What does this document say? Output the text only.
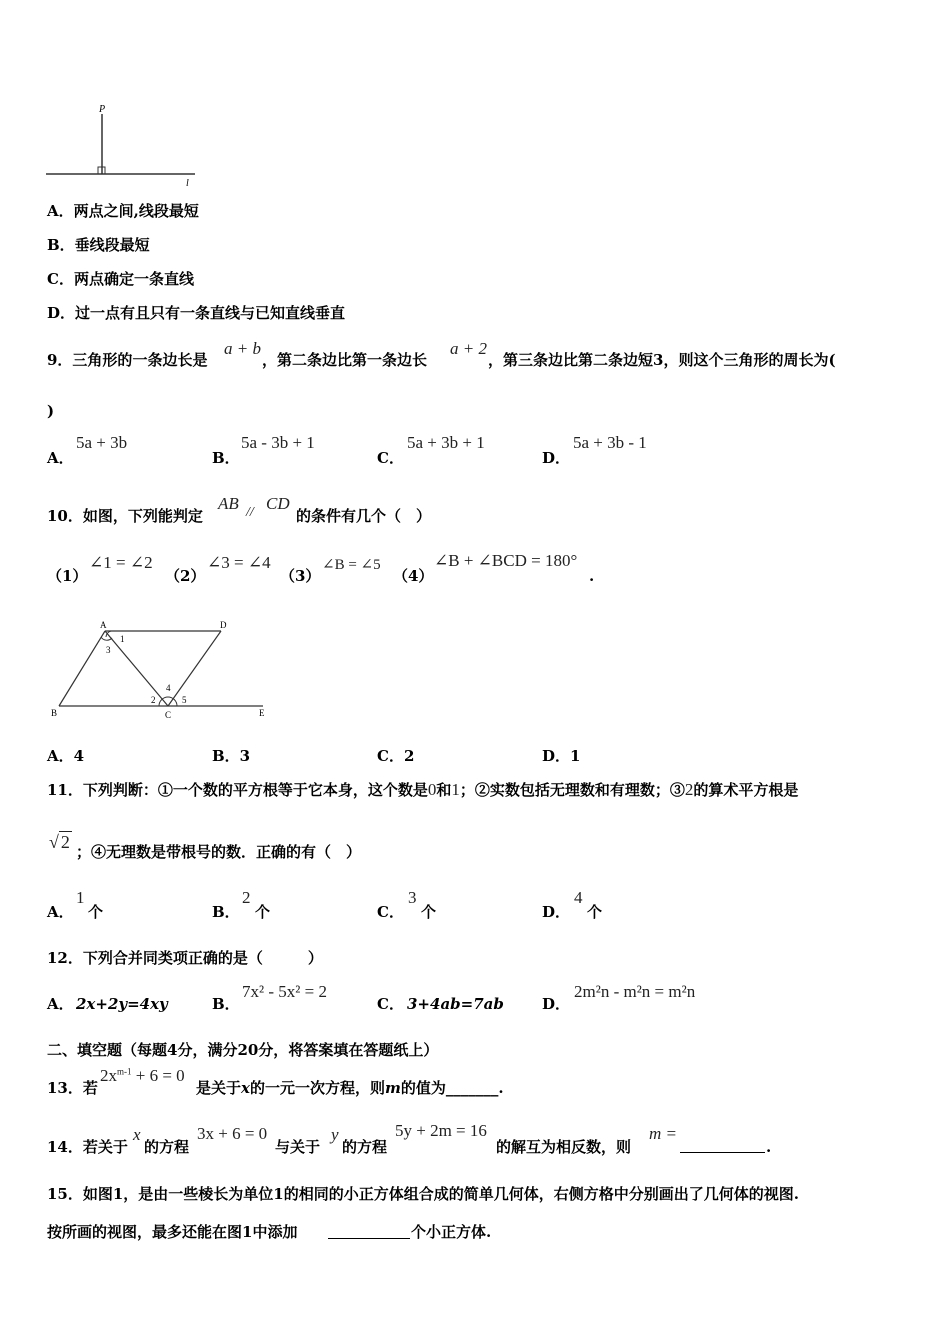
P
l
A．两点之间,线段最短
B．垂线段最短
C．两点确定一条直线
D．过一点有且只有一条直线与已知直线垂直
9．三角形的一条边长是
a + b
，第二条边比第一条边长
a + 2
，第三条边比第二条边短3，则这个三角形的周长为(
)
A．
5a + 3b
B．
5a - 3b + 1
C．
5a + 3b + 1
D．
5a + 3b - 1
10．如图，下列能判定
AB // CD
的条件有几个（　）
（1）
∠1 = ∠2
（2）
∠3 = ∠4
（3）
∠B = ∠5
（4）
∠B + ∠BCD = 180°
.
A	D
B	C	E
1
3
2
4
5
A．4	B．3	C．2	D．1
11．下列判断：①一个数的平方根等于它本身，这个数是0和1；②实数包括无理数和有理数；③2的算术平方根是
√ 2 ；④无理数是带根号的数．正确的有（　）
A．
1
个	B．
2
个	C．
3
个	D．
4
个
12．下列合并同类项正确的是（　　　）
A． 2x+2y=4xy	B．
7x² - 5x² = 2
C． 3+4ab=7ab	D．
2m²n - m²n = m²n
二、填空题（每题4分，满分20分，将答案填在答题纸上）
13．若
$2x^{m-1} + 6 = 0$
是关于x的一元一次方程，则m的值为_______.
14．若关于
x
的方程
3x + 6 = 0
与关于
y
的方程
5y + 2m = 16
的解互为相反数，则
m =
.
15．如图1，是由一些棱长为单位1的相同的小正方体组合成的简单几何体，右侧方格中分别画出了几何体的视图.
按所画的视图，最多还能在图1中添加	个小正方体.
